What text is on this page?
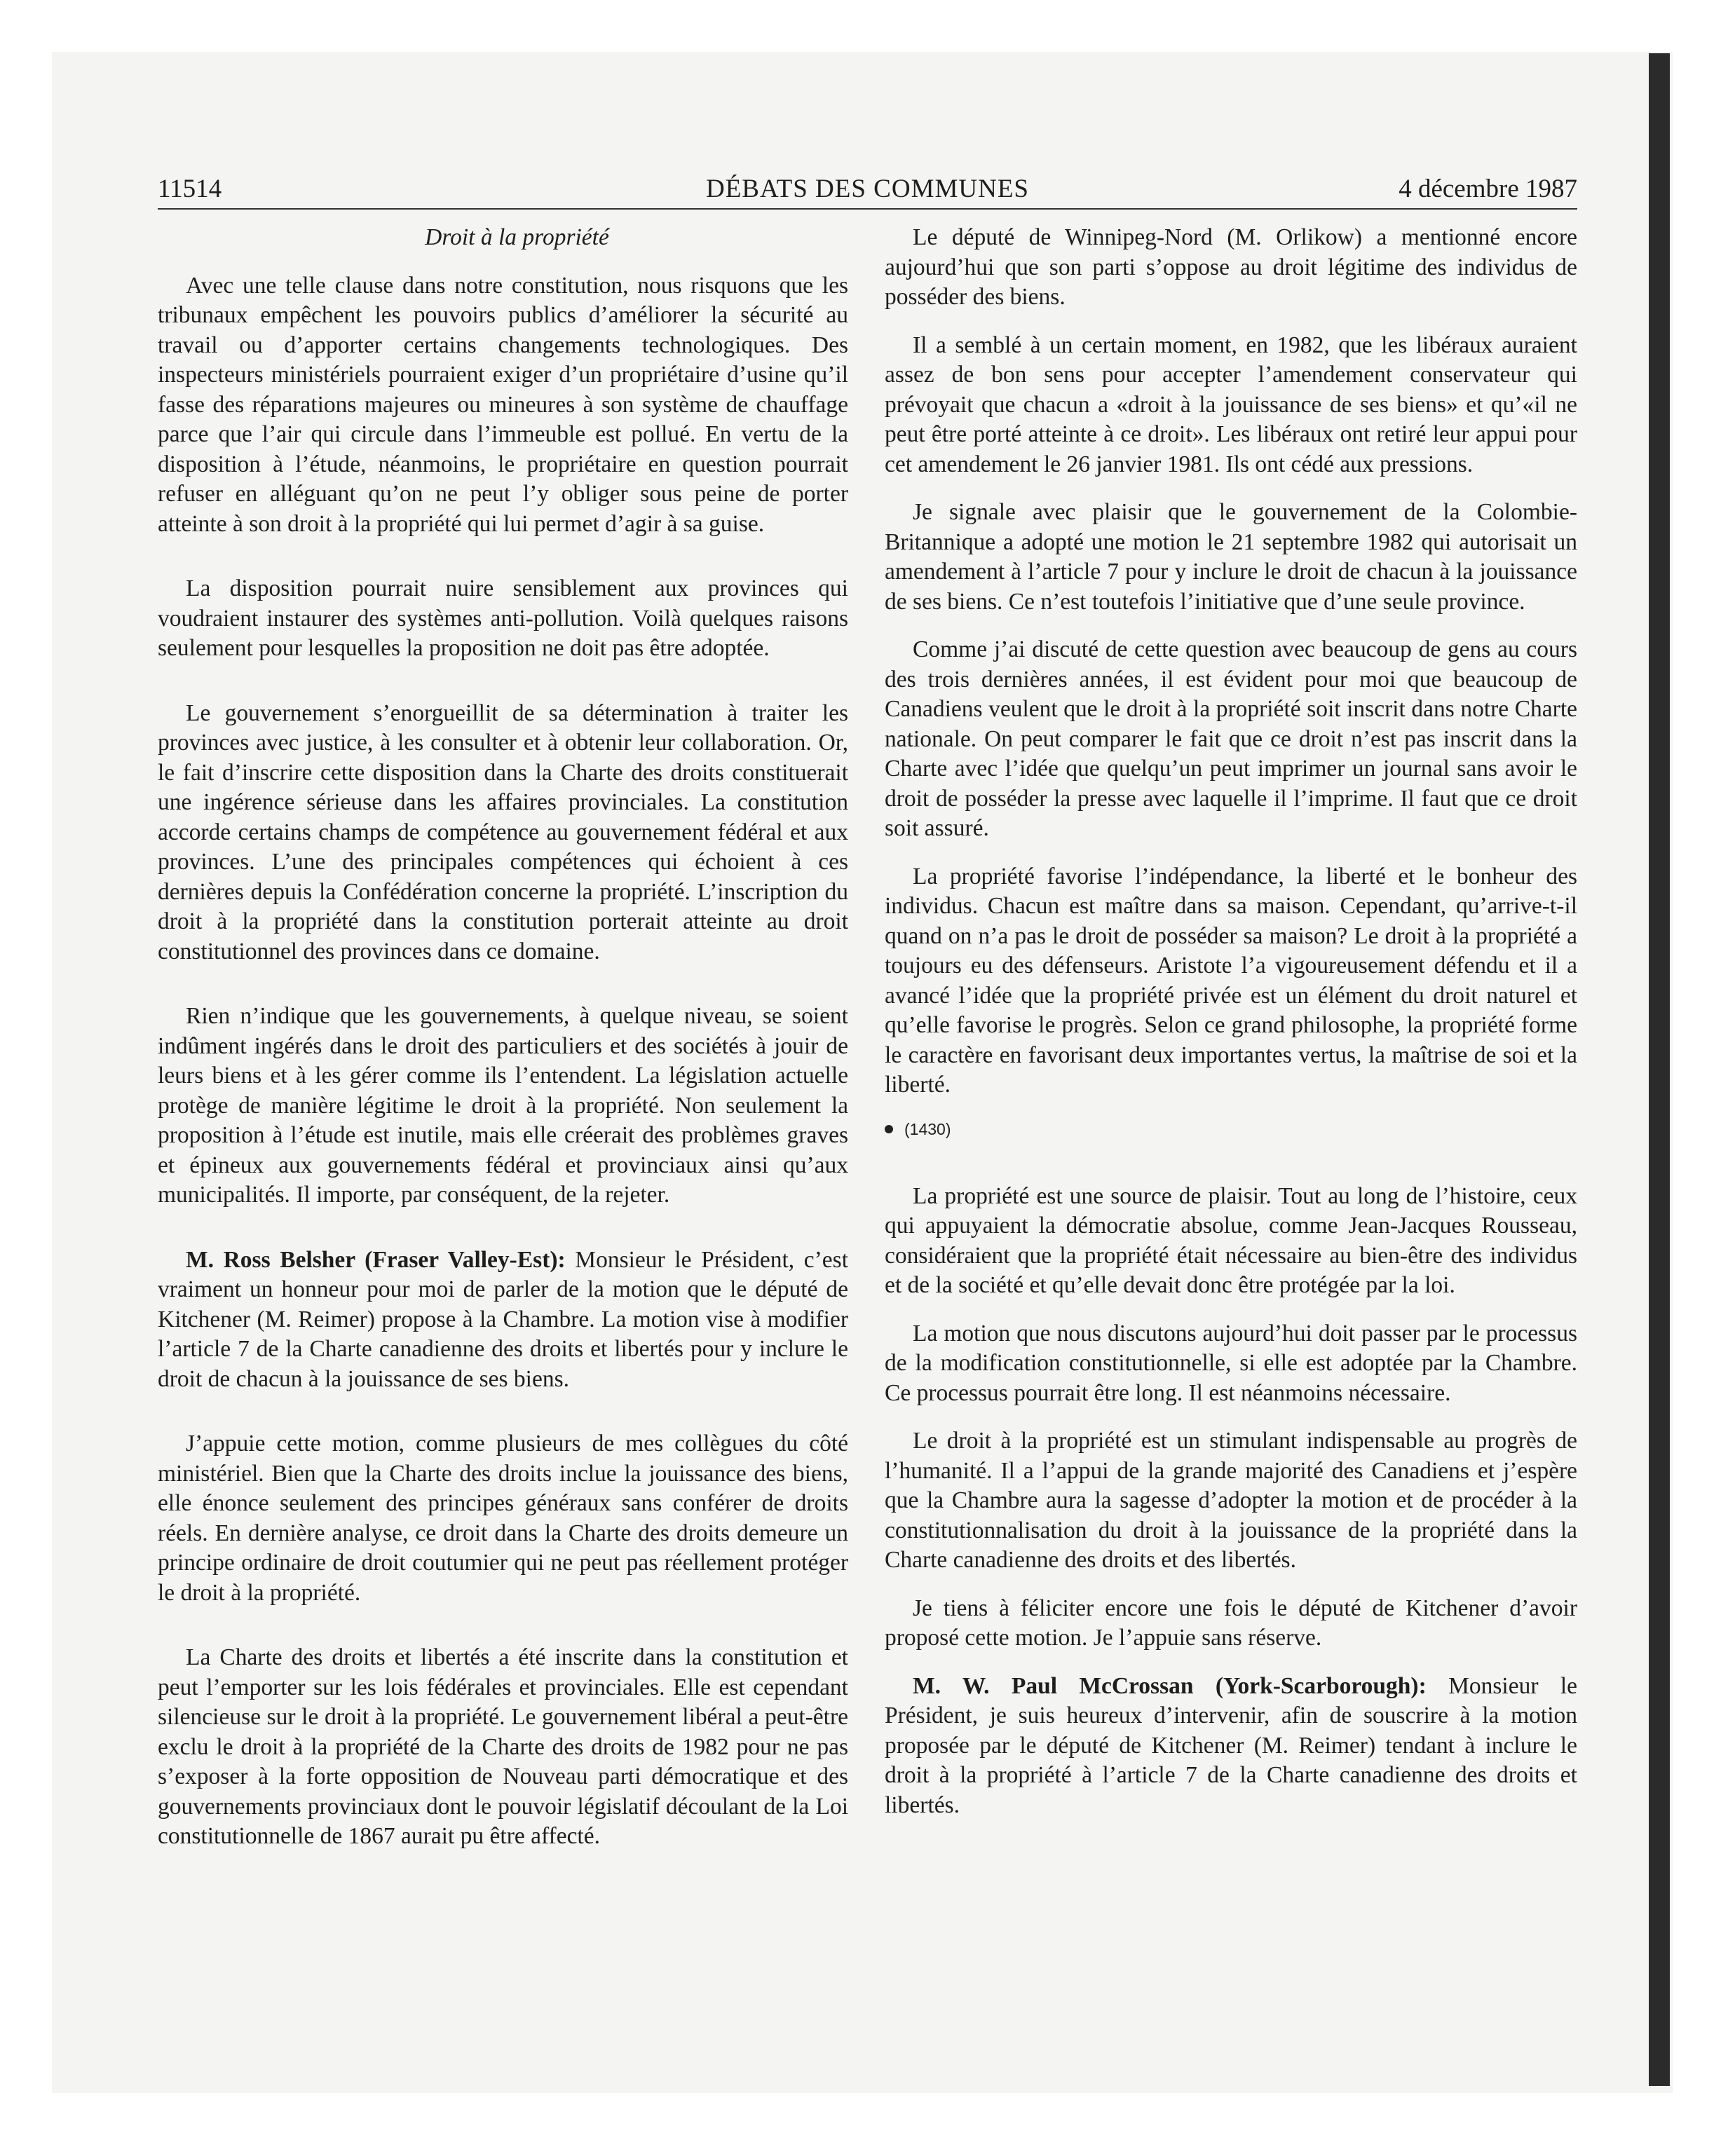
11514	DÉBATS DES COMMUNES	4 décembre 1987

Droit à la propriété

Avec une telle clause dans notre constitution, nous risquons que les tribunaux empêchent les pouvoirs publics d’améliorer la sécurité au travail ou d’apporter certains changements technologiques. Des inspecteurs ministériels pourraient exiger d’un propriétaire d’usine qu’il fasse des réparations majeures ou mineures à son système de chauffage parce que l’air qui circule dans l’immeuble est pollué. En vertu de la disposition à l’étude, néanmoins, le propriétaire en question pourrait refuser en alléguant qu’on ne peut l’y obliger sous peine de porter atteinte à son droit à la propriété qui lui permet d’agir à sa guise.

La disposition pourrait nuire sensiblement aux provinces qui voudraient instaurer des systèmes anti-pollution. Voilà quelques raisons seulement pour lesquelles la proposition ne doit pas être adoptée.

Le gouvernement s’enorgueillit de sa détermination à traiter les provinces avec justice, à les consulter et à obtenir leur collaboration. Or, le fait d’inscrire cette disposition dans la Charte des droits constituerait une ingérence sérieuse dans les affaires provinciales. La constitution accorde certains champs de compétence au gouvernement fédéral et aux provinces. L’une des principales compétences qui échoient à ces dernières depuis la Confédération concerne la propriété. L’inscription du droit à la propriété dans la constitution porterait atteinte au droit constitutionnel des provinces dans ce domaine.

Rien n’indique que les gouvernements, à quelque niveau, se soient indûment ingérés dans le droit des particuliers et des sociétés à jouir de leurs biens et à les gérer comme ils l’entendent. La législation actuelle protège de manière légitime le droit à la propriété. Non seulement la proposition à l’étude est inutile, mais elle créerait des problèmes graves et épineux aux gouvernements fédéral et provinciaux ainsi qu’aux municipalités. Il importe, par conséquent, de la rejeter.

M. Ross Belsher (Fraser Valley-Est): Monsieur le Président, c’est vraiment un honneur pour moi de parler de la motion que le député de Kitchener (M. Reimer) propose à la Chambre. La motion vise à modifier l’article 7 de la Charte canadienne des droits et libertés pour y inclure le droit de chacun à la jouissance de ses biens.

J’appuie cette motion, comme plusieurs de mes collègues du côté ministériel. Bien que la Charte des droits inclue la jouissance des biens, elle énonce seulement des principes généraux sans conférer de droits réels. En dernière analyse, ce droit dans la Charte des droits demeure un principe ordinaire de droit coutumier qui ne peut pas réellement protéger le droit à la propriété.

La Charte des droits et libertés a été inscrite dans la constitution et peut l’emporter sur les lois fédérales et provinciales. Elle est cependant silencieuse sur le droit à la propriété. Le gouvernement libéral a peut-être exclu le droit à la propriété de la Charte des droits de 1982 pour ne pas s’exposer à la forte opposition de Nouveau parti démocratique et des gouvernements provinciaux dont le pouvoir législatif découlant de la Loi constitutionnelle de 1867 aurait pu être affecté.

Le député de Winnipeg-Nord (M. Orlikow) a mentionné encore aujourd’hui que son parti s’oppose au droit légitime des individus de posséder des biens.

Il a semblé à un certain moment, en 1982, que les libéraux auraient assez de bon sens pour accepter l’amendement conservateur qui prévoyait que chacun a «droit à la jouissance de ses biens» et qu’«il ne peut être porté atteinte à ce droit». Les libéraux ont retiré leur appui pour cet amendement le 26 janvier 1981. Ils ont cédé aux pressions.

Je signale avec plaisir que le gouvernement de la Colombie-Britannique a adopté une motion le 21 septembre 1982 qui autorisait un amendement à l’article 7 pour y inclure le droit de chacun à la jouissance de ses biens. Ce n’est toutefois l’initiative que d’une seule province.

Comme j’ai discuté de cette question avec beaucoup de gens au cours des trois dernières années, il est évident pour moi que beaucoup de Canadiens veulent que le droit à la propriété soit inscrit dans notre Charte nationale. On peut comparer le fait que ce droit n’est pas inscrit dans la Charte avec l’idée que quelqu’un peut imprimer un journal sans avoir le droit de posséder la presse avec laquelle il l’imprime. Il faut que ce droit soit assuré.

La propriété favorise l’indépendance, la liberté et le bonheur des individus. Chacun est maître dans sa maison. Cependant, qu’arrive-t-il quand on n’a pas le droit de posséder sa maison? Le droit à la propriété a toujours eu des défenseurs. Aristote l’a vigoureusement défendu et il a avancé l’idée que la propriété privée est un élément du droit naturel et qu’elle favorise le progrès. Selon ce grand philosophe, la propriété forme le caractère en favorisant deux importantes vertus, la maîtrise de soi et la liberté.

(1430)

La propriété est une source de plaisir. Tout au long de l’histoire, ceux qui appuyaient la démocratie absolue, comme Jean-Jacques Rousseau, considéraient que la propriété était nécessaire au bien-être des individus et de la société et qu’elle devait donc être protégée par la loi.

La motion que nous discutons aujourd’hui doit passer par le processus de la modification constitutionnelle, si elle est adoptée par la Chambre. Ce processus pourrait être long. Il est néanmoins nécessaire.

Le droit à la propriété est un stimulant indispensable au progrès de l’humanité. Il a l’appui de la grande majorité des Canadiens et j’espère que la Chambre aura la sagesse d’adopter la motion et de procéder à la constitutionnalisation du droit à la jouissance de la propriété dans la Charte canadienne des droits et des libertés.

Je tiens à féliciter encore une fois le député de Kitchener d’avoir proposé cette motion. Je l’appuie sans réserve.

M. W. Paul McCrossan (York-Scarborough): Monsieur le Président, je suis heureux d’intervenir, afin de souscrire à la motion proposée par le député de Kitchener (M. Reimer) tendant à inclure le droit à la propriété à l’article 7 de la Charte canadienne des droits et libertés.
